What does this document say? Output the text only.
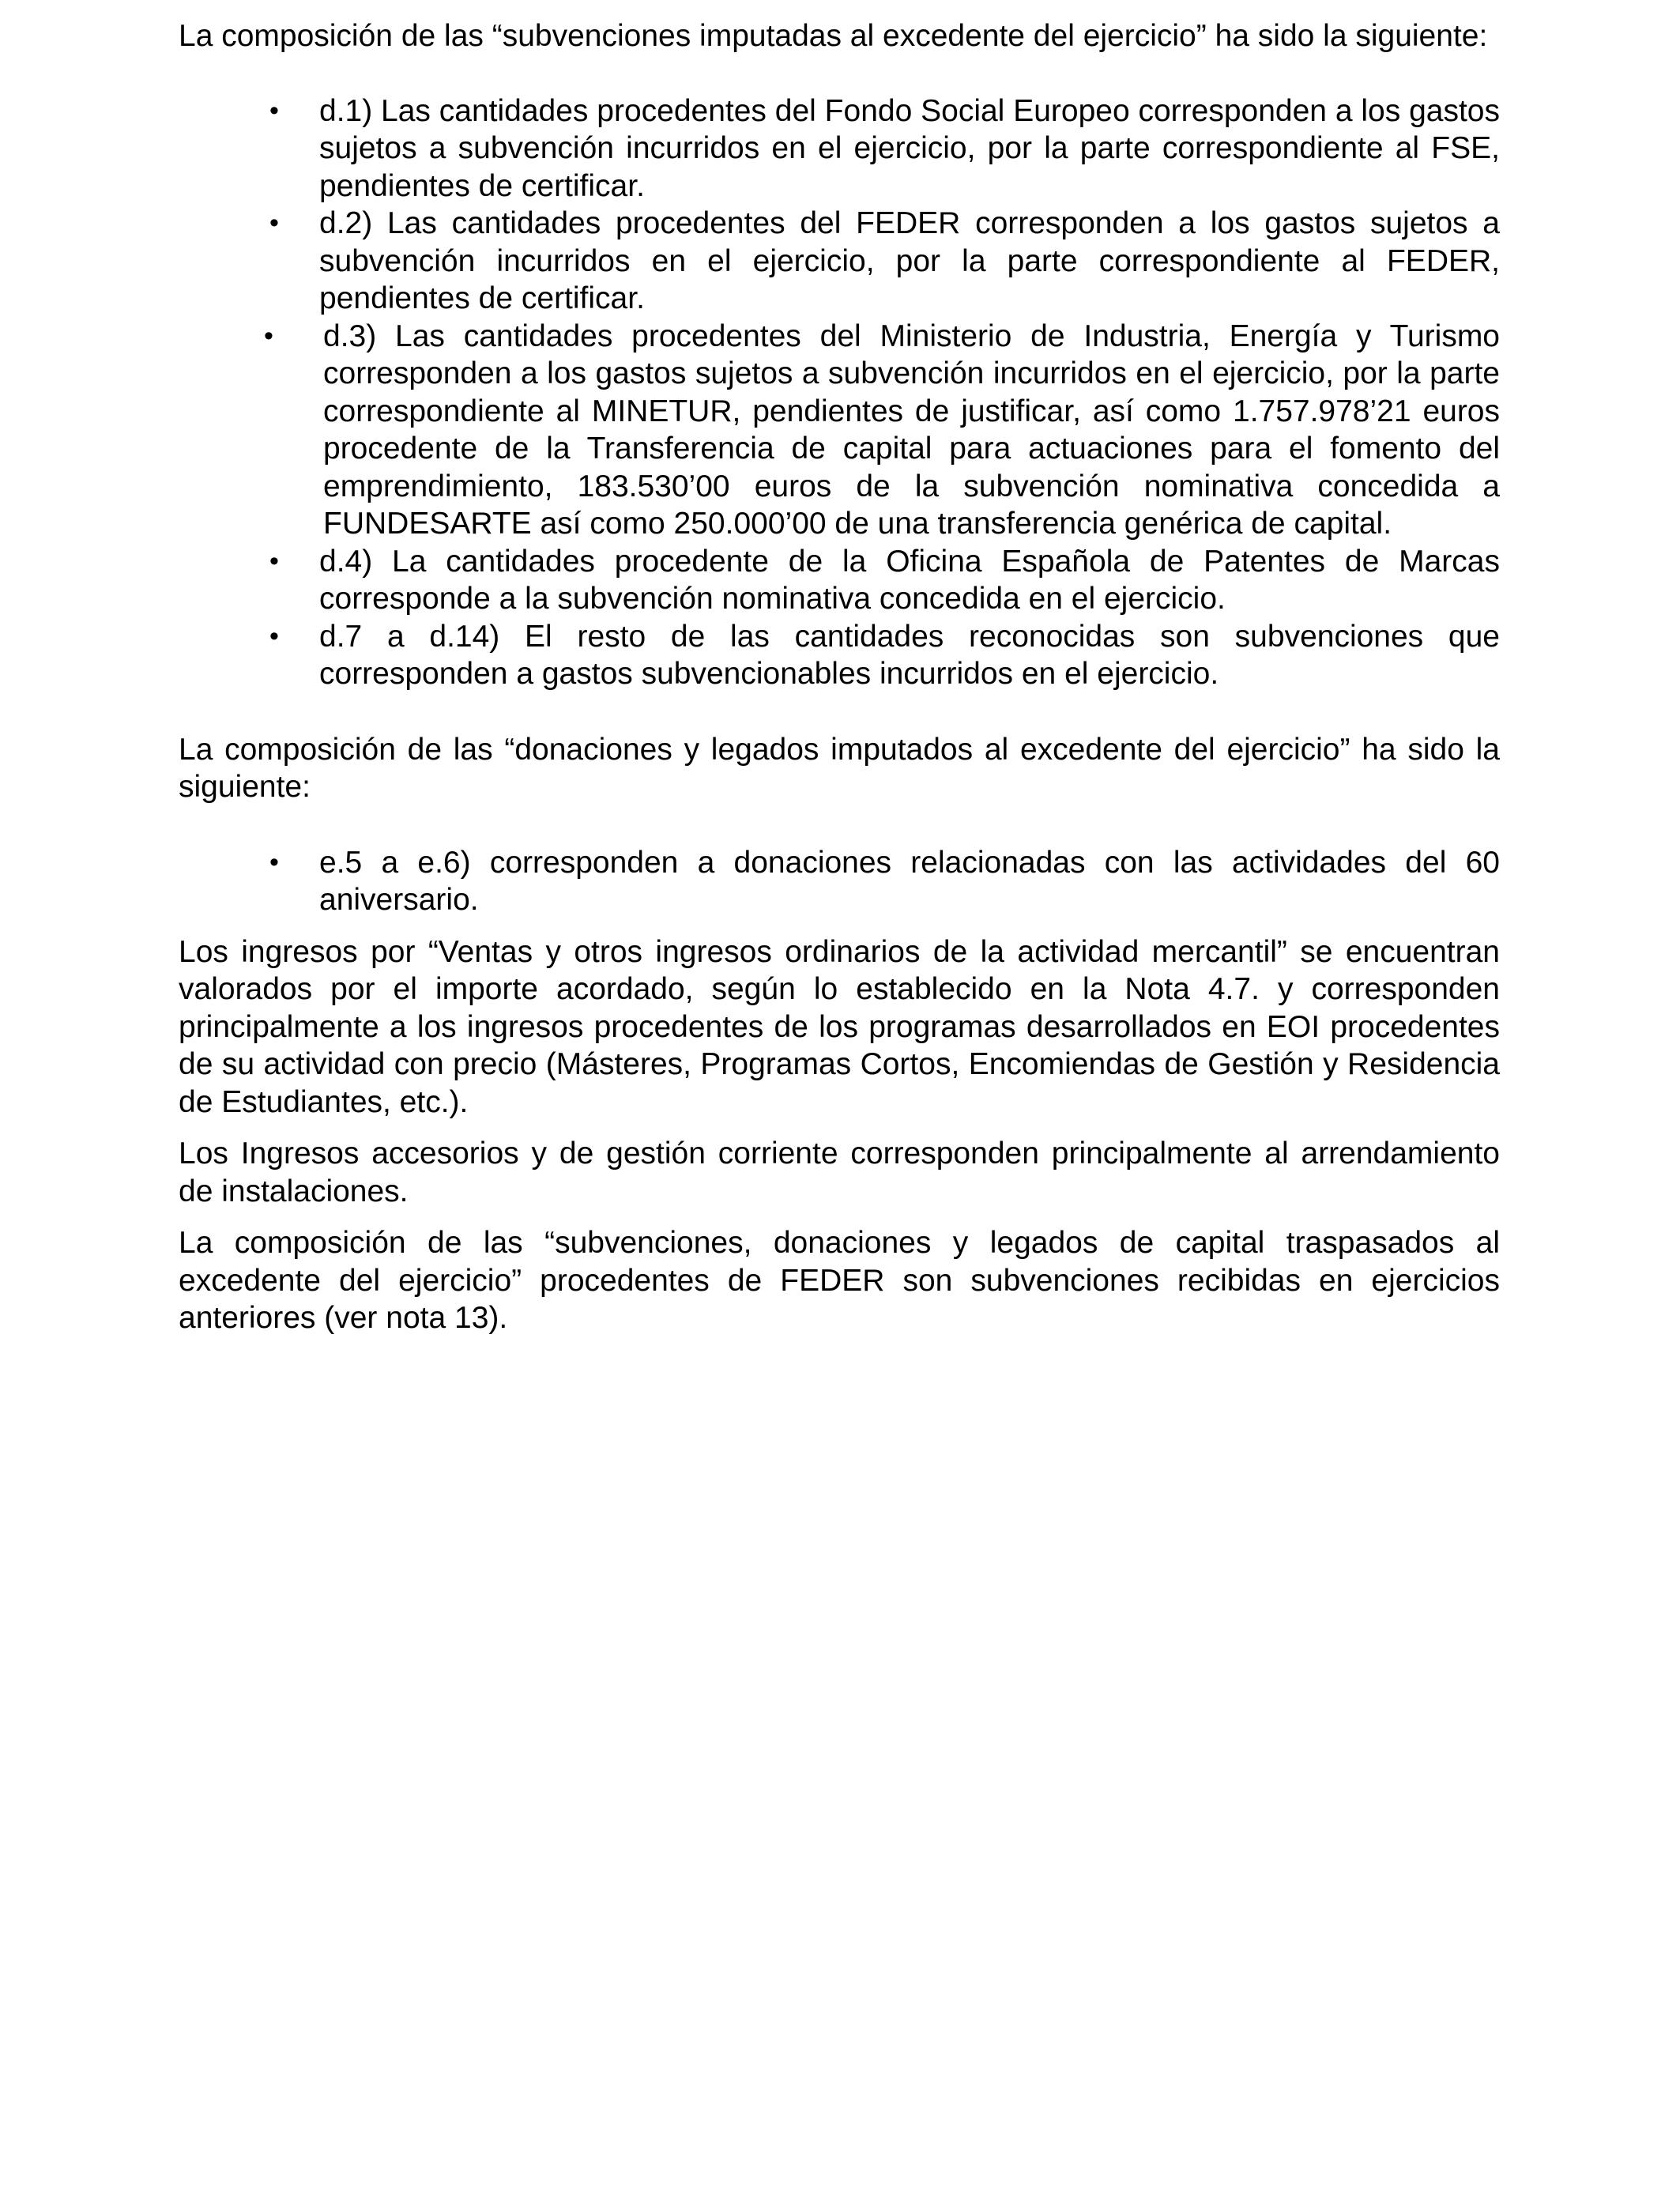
La composición de las “subvenciones imputadas al excedente del ejercicio” ha sido la siguiente:

• d.1) Las cantidades procedentes del Fondo Social Europeo corresponden a los gastos sujetos a subvención incurridos en el ejercicio, por la parte correspondiente al FSE, pendientes de certificar.
• d.2) Las cantidades procedentes del FEDER corresponden a los gastos sujetos a subvención incurridos en el ejercicio, por la parte correspondiente al FEDER, pendientes de certificar.
• d.3) Las cantidades procedentes del Ministerio de Industria, Energía y Turismo corresponden a los gastos sujetos a subvención incurridos en el ejercicio, por la parte correspondiente al MINETUR, pendientes de justificar, así como 1.757.978’21 euros procedente de la Transferencia de capital para actuaciones para el fomento del emprendimiento, 183.530’00 euros de la subvención nominativa concedida a FUNDESARTE así como 250.000’00 de una transferencia genérica de capital.
• d.4) La cantidades procedente de la Oficina Española de Patentes de Marcas corresponde a la subvención nominativa concedida en el ejercicio.
• d.7 a d.14) El resto de las cantidades reconocidas son subvenciones que corresponden a gastos subvencionables incurridos en el ejercicio.

La composición de las “donaciones y legados imputados al excedente del ejercicio” ha sido la siguiente:

• e.5 a e.6) corresponden a donaciones relacionadas con las actividades del 60 aniversario.

Los ingresos por “Ventas y otros ingresos ordinarios de la actividad mercantil” se encuentran valorados por el importe acordado, según lo establecido en la Nota 4.7. y corresponden principalmente a los ingresos procedentes de los programas desarrollados en EOI procedentes de su actividad con precio (Másteres, Programas Cortos, Encomiendas de Gestión y Residencia de Estudiantes, etc.).

Los Ingresos accesorios y de gestión corriente corresponden principalmente al arrendamiento de instalaciones.

La composición de las “subvenciones, donaciones y legados de capital traspasados al excedente del ejercicio” procedentes de FEDER son subvenciones recibidas en ejercicios anteriores (ver nota 13).
